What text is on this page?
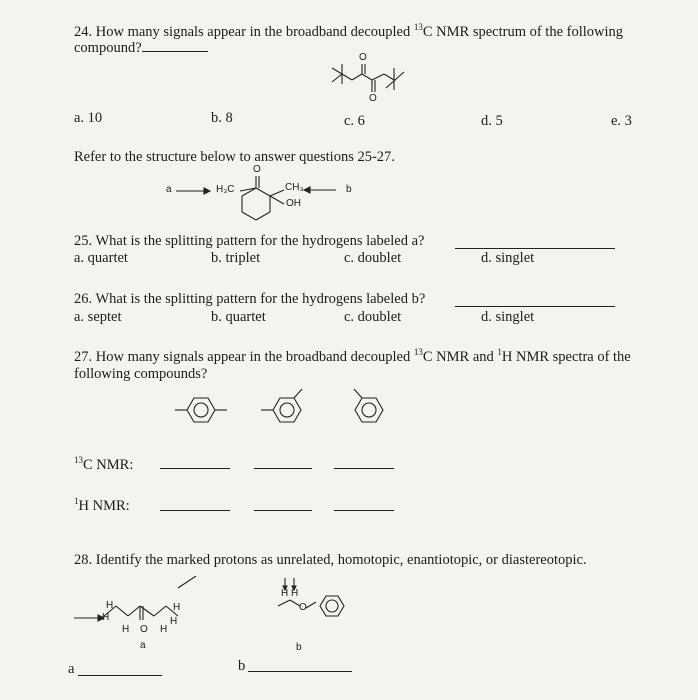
24. How many signals appear in the broadband decoupled $^{13}$C NMR spectrum of the following
compound?
O
O
a. 10	b. 8	c. 6	d. 5	e. 3
Refer to the structure below to answer questions 25-27.
a	H₃C
O
CH₃
OH
b
25. What is the splitting pattern for the hydrogens labeled a?
a. quartet	b. triplet	c. doublet	d. singlet
26. What is the splitting pattern for the hydrogens labeled b?
a. septet	b. quartet	c. doublet	d. singlet
27. How many signals appear in the broadband decoupled $^{13}$C NMR and $^1$H NMR spectra of the
following compounds?
$^{13}$C NMR:
$^1$H NMR:
28. Identify the marked protons as unrelated, homotopic, enantiotopic, or diastereotopic.
H
H
H O H
H
H
a
H H
O
b
a	b
